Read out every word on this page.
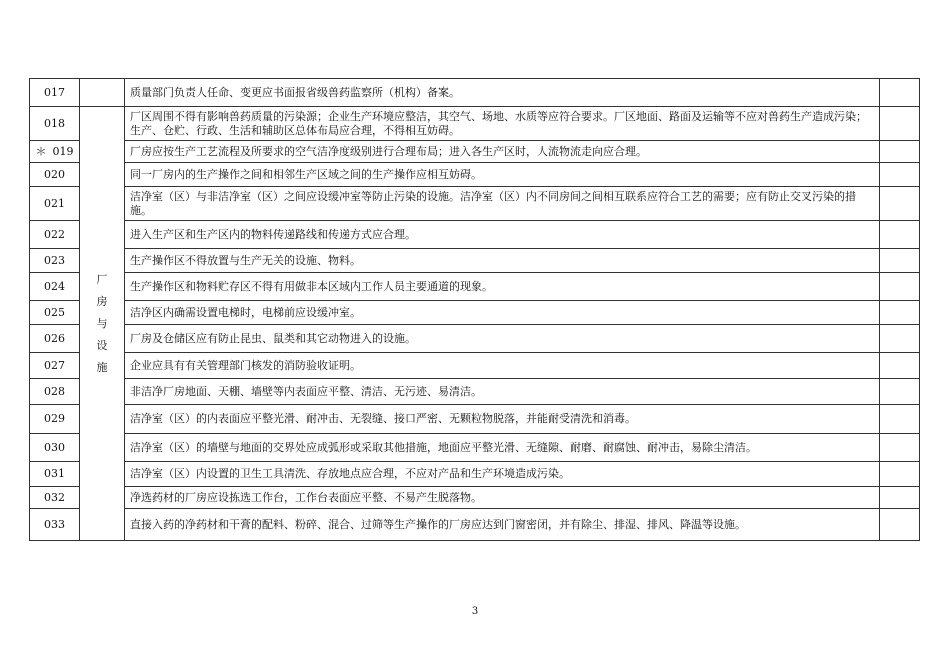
017		质量部门负责人任命、变更应书面报省级兽药监察所（机构）备案。	
018	厂房与设施	厂区周围不得有影响兽药质量的污染源；企业生产环境应整洁，其空气、场地、水质等应符合要求。厂区地面、路面及运输等不应对兽药生产造成污染；生产、仓贮、行政、生活和辅助区总体布局应合理，不得相互妨碍。	
＊ 019		厂房应按生产工艺流程及所要求的空气洁净度级别进行合理布局；进入各生产区时，人流物流走向应合理。	
020		同一厂房内的生产操作之间和相邻生产区域之间的生产操作应相互妨碍。	
021		洁净室（区）与非洁净室（区）之间应设缓冲室等防止污染的设施。洁净室（区）内不同房间之间相互联系应符合工艺的需要；应有防止交叉污染的措施。	
022		进入生产区和生产区内的物料传递路线和传递方式应合理。	
023		生产操作区不得放置与生产无关的设施、物料。	
024		生产操作区和物料贮存区不得有用做非本区域内工作人员主要通道的现象。	
025		洁净区内确需设置电梯时，电梯前应设缓冲室。	
026		厂房及仓储区应有防止昆虫、鼠类和其它动物进入的设施。	
027		企业应具有有关管理部门核发的消防验收证明。	
028		非洁净厂房地面、天棚、墙壁等内表面应平整、清洁、无污迹、易清洁。	
029		洁净室（区）的内表面应平整光滑、耐冲击、无裂缝、接口严密、无颗粒物脱落，并能耐受清洗和消毒。	
030		洁净室（区）的墙壁与地面的交界处应成弧形或采取其他措施，地面应平整光滑、无缝隙、耐磨、耐腐蚀、耐冲击，易除尘清洁。	
031		洁净室（区）内设置的卫生工具清洗、存放地点应合理，不应对产品和生产环境造成污染。	
032		净选药材的厂房应设拣选工作台，工作台表面应平整、不易产生脱落物。	
033		直接入药的净药材和干膏的配料、粉碎、混合、过筛等生产操作的厂房应达到门窗密闭，并有除尘、排湿、排风、降温等设施。	
3
